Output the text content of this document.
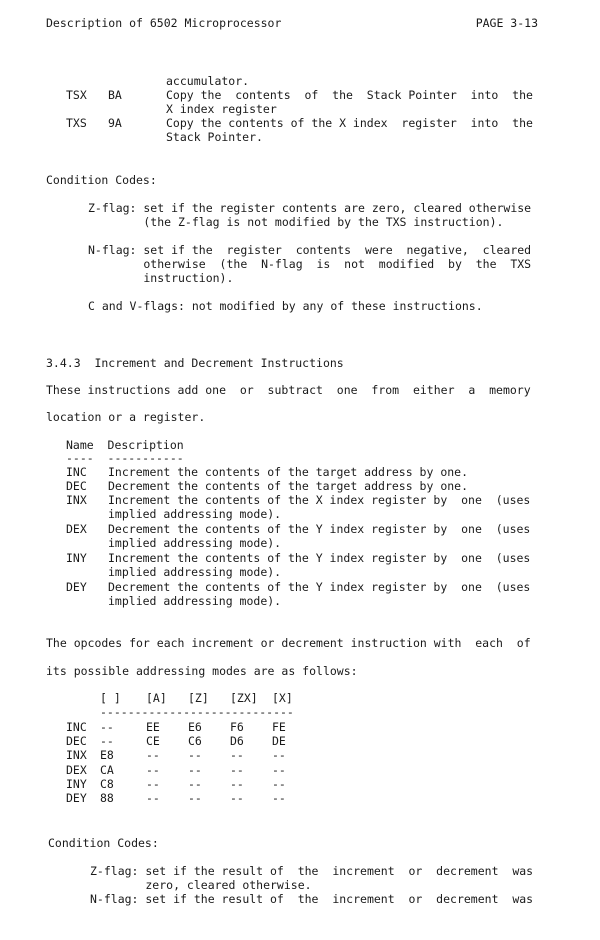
Description of 6502 Microprocessor	PAGE 3-13
accumulator.
TSX BA	Copy the  contents  of  the  Stack Pointer  into  the
X index register
TXS 9A	Copy the contents of the X index  register  into  the
Stack Pointer.
Condition Codes:
Z-flag: set if the register contents are zero, cleared otherwise
(the Z-flag is not modified by the TXS instruction).
N-flag: set if the  register  contents  were  negative,  cleared
otherwise  (the  N-flag  is  not  modified  by  the  TXS
instruction).
C and V-flags: not modified by any of these instructions.
3.4.3  Increment and Decrement Instructions
These instructions add one  or  subtract  one  from  either  a  memory
location or a register.
Name  Description
----  -----------
INC Increment the contents of the target address by one.
DEC Decrement the contents of the target address by one.
INX Increment the contents of the X index register by  one  (uses
implied addressing mode).
DEX Decrement the contents of the Y index register by  one  (uses
implied addressing mode).
INY Increment the contents of the Y index register by  one  (uses
implied addressing mode).
DEY Decrement the contents of the Y index register by  one  (uses
implied addressing mode).
The opcodes for each increment or decrement instruction with  each  of
its possible addressing modes are as follows:
	[ ]	[A]	[Z]	[ZX]	[X]
	----------------------------				
INC	--	EE	E6	F6	FE
DEC	--	CE	C6	D6	DE
INX	E8	--	--	--	--
DEX	CA	--	--	--	--
INY	C8	--	--	--	--
DEY	88	--	--	--	--
Condition Codes:
Z-flag: set if the result of  the  increment  or  decrement  was
zero, cleared otherwise.
N-flag: set if the result of  the  increment  or  decrement  was
